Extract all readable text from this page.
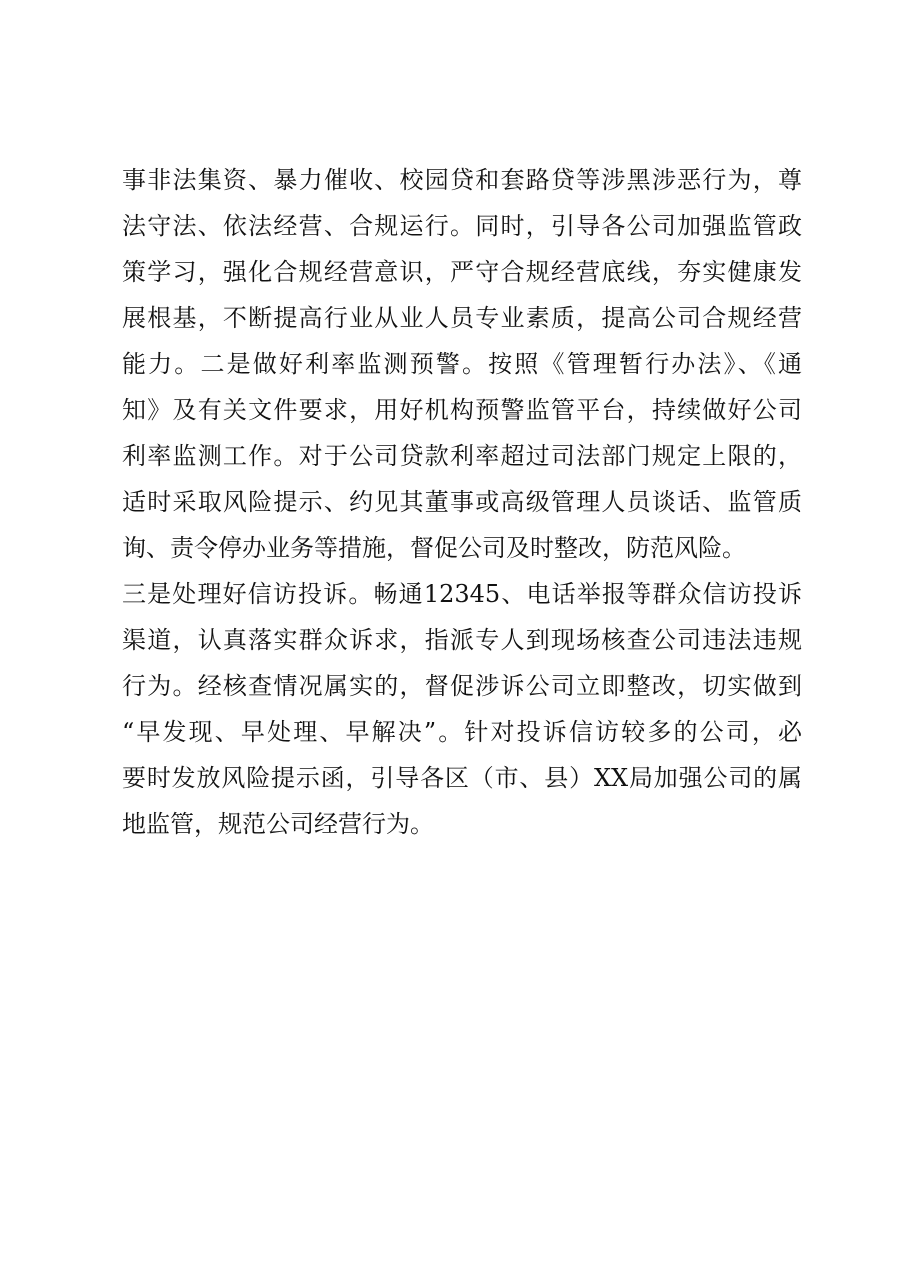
事非法集资、暴力催收、校园贷和套路贷等涉黑涉恶行为，尊
法守法、依法经营、合规运行。同时，引导各公司加强监管政
策学习，强化合规经营意识，严守合规经营底线，夯实健康发
展根基，不断提高行业从业人员专业素质，提高公司合规经营
能力。二是做好利率监测预警。按照《管理暂行办法》、《通
知》及有关文件要求，用好机构预警监管平台，持续做好公司
利率监测工作。对于公司贷款利率超过司法部门规定上限的，
适时采取风险提示、约见其董事或高级管理人员谈话、监管质
询、责令停办业务等措施，督促公司及时整改，防范风险。
三是处理好信访投诉。畅通12345、电话举报等群众信访投诉
渠道，认真落实群众诉求，指派专人到现场核查公司违法违规
行为。经核查情况属实的，督促涉诉公司立即整改，切实做到
“早发现、早处理、早解决”。针对投诉信访较多的公司，必
要时发放风险提示函，引导各区（市、县）XX局加强公司的属
地监管，规范公司经营行为。
